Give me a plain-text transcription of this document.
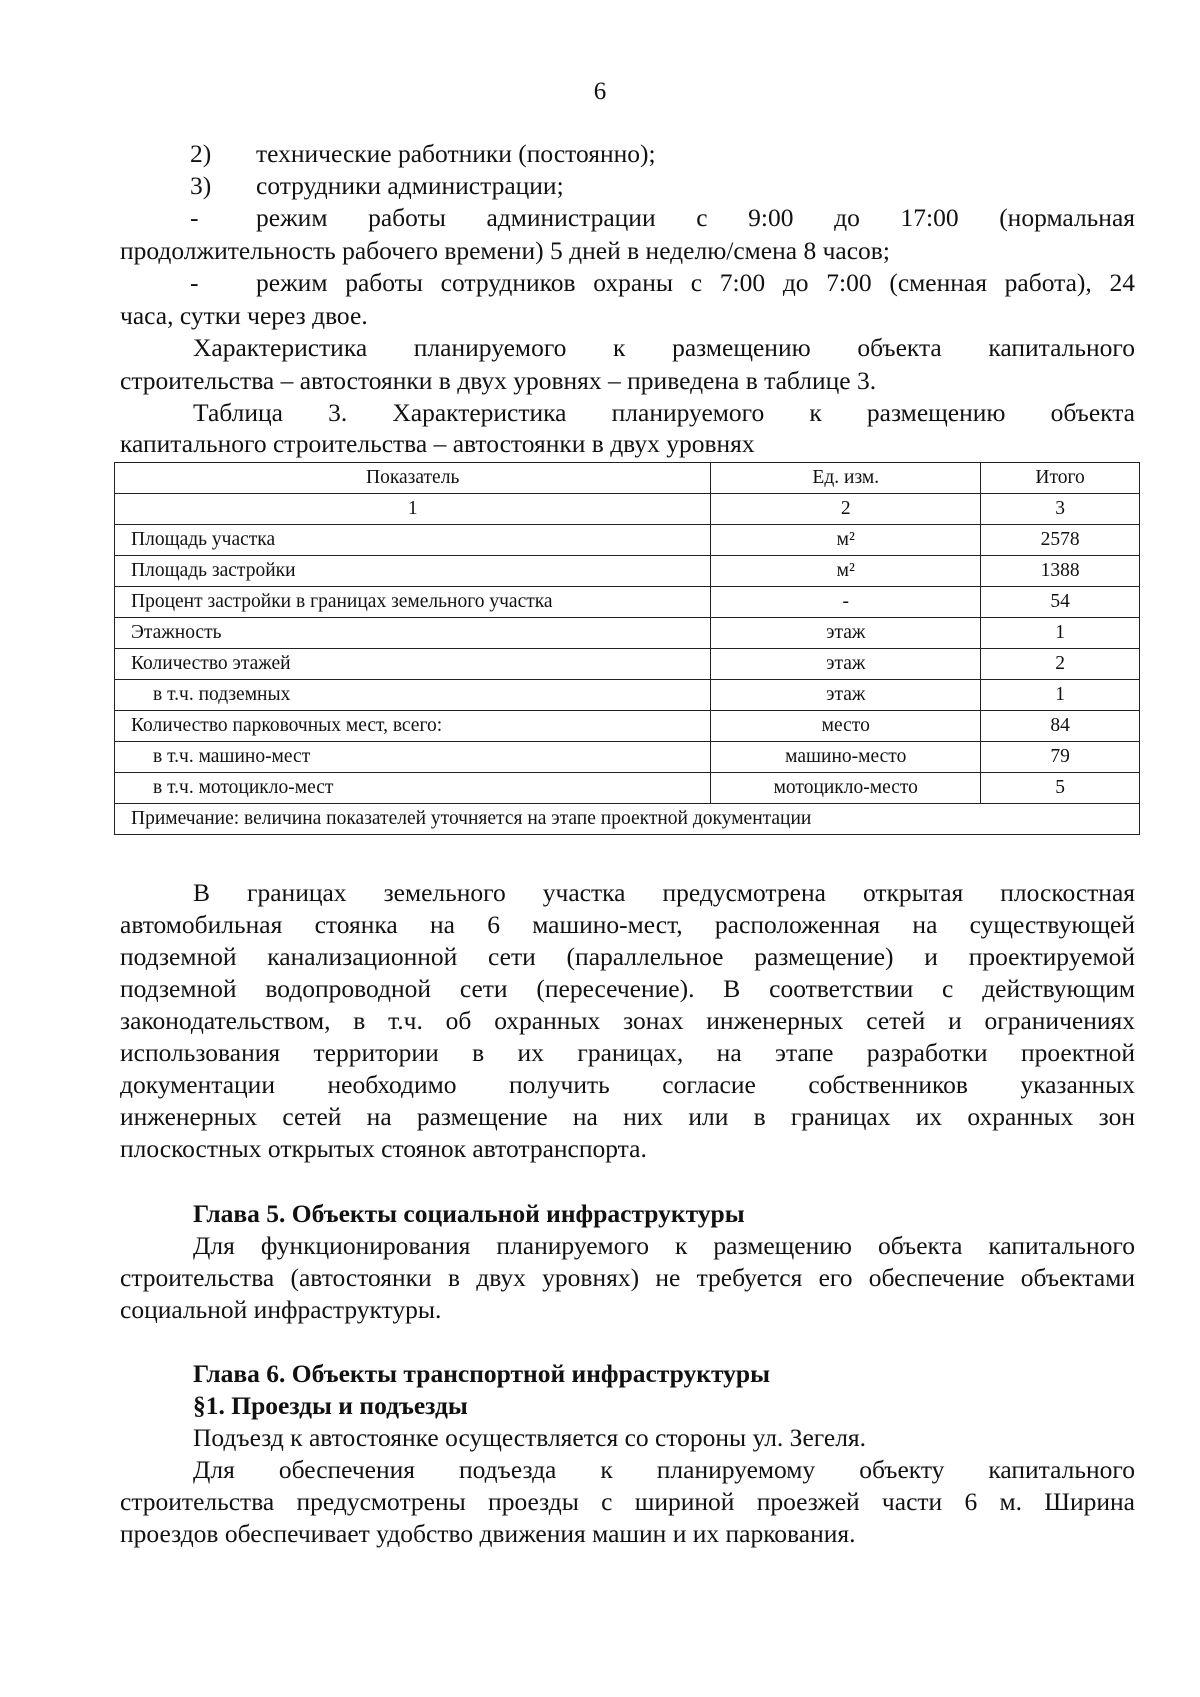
6
2) технические работники (постоянно);
3) сотрудники администрации;
- режим работы администрации с 9:00 до 17:00 (нормальная
продолжительность рабочего времени) 5 дней в неделю/смена 8 часов;
- режим работы сотрудников охраны с 7:00 до 7:00 (сменная работа), 24
часа, сутки через двое.
Характеристика планируемого к размещению объекта капитального
строительства – автостоянки в двух уровнях – приведена в таблице 3.
Таблица 3. Характеристика планируемого к размещению объекта
капитального строительства – автостоянки в двух уровнях
Показатель	Ед. изм.	Итого
1	2	3
Площадь участка	м²	2578
Площадь застройки	м²	1388
Процент застройки в границах земельного участка	-	54
Этажность	этаж	1
Количество этажей	этаж	2
в т.ч. подземных	этаж	1
Количество парковочных мест, всего:	место	84
в т.ч. машино-мест	машино-место	79
в т.ч. мотоцикло-мест	мотоцикло-место	5
Примечание: величина показателей уточняется на этапе проектной документации		
В границах земельного участка предусмотрена открытая плоскостная
автомобильная стоянка на 6 машино-мест, расположенная на существующей
подземной канализационной сети (параллельное размещение) и проектируемой
подземной водопроводной сети (пересечение). В соответствии с действующим
законодательством, в т.ч. об охранных зонах инженерных сетей и ограничениях
использования территории в их границах, на этапе разработки проектной
документации необходимо получить согласие собственников указанных
инженерных сетей на размещение на них или в границах их охранных зон
плоскостных открытых стоянок автотранспорта.
Глава 5. Объекты социальной инфраструктуры
Для функционирования планируемого к размещению объекта капитального
строительства (автостоянки в двух уровнях) не требуется его обеспечение объектами
социальной инфраструктуры.
Глава 6. Объекты транспортной инфраструктуры
§1. Проезды и подъезды
Подъезд к автостоянке осуществляется со стороны ул. Зегеля.
Для обеспечения подъезда к планируемому объекту капитального
строительства предусмотрены проезды с шириной проезжей части 6 м. Ширина
проездов обеспечивает удобство движения машин и их паркования.
